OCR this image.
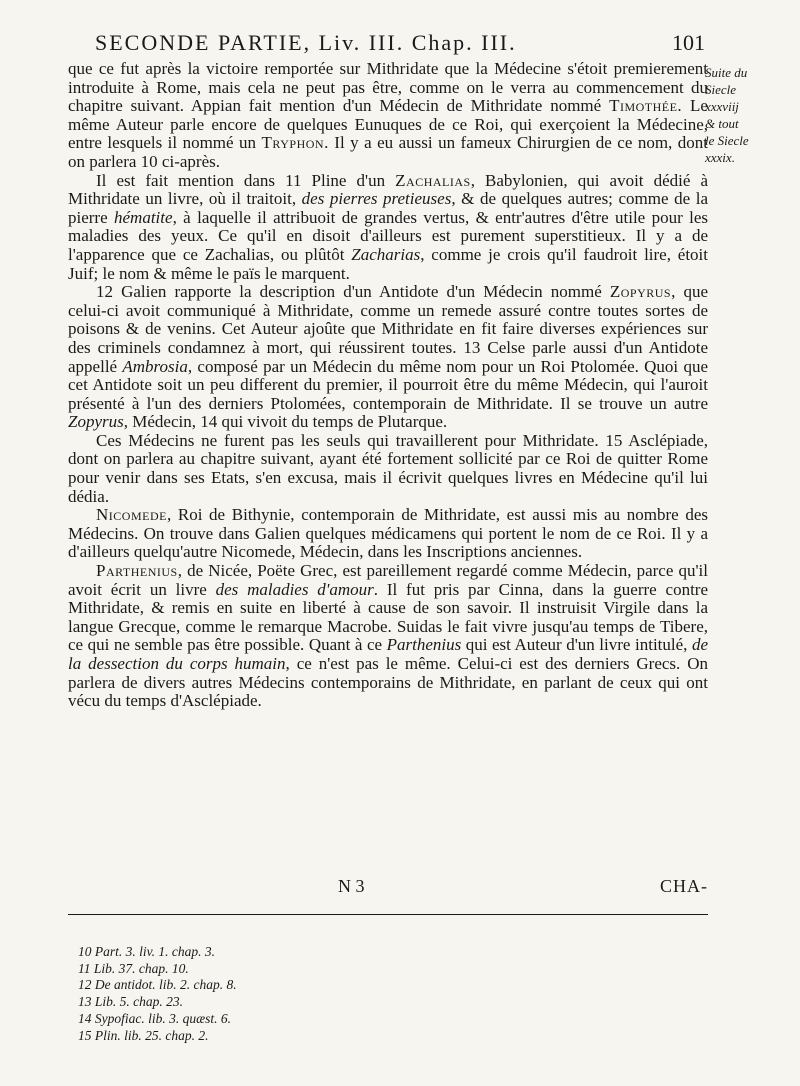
SECONDE PARTIE, Liv. III. Chap. III.	101
Suite du
Siecle
xxxviij
& tout
le Siecle
xxxix.

que ce fut après la victoire remportée sur Mithridate que la Médecine s'étoit premierement introduite à Rome, mais cela ne peut pas être, comme on le verra au commencement du chapitre suivant. Appian fait mention d'un Médecin de Mithridate nommé Timothée. Le même Auteur parle encore de quelques Eunuques de ce Roi, qui exerçoient la Médecine, entre lesquels il nommé un Tryphon. Il y a eu aussi un fameux Chirurgien de ce nom, dont on parlera 10 ci-après.

Il est fait mention dans 11 Pline d'un Zachalias, Babylonien, qui avoit dédié à Mithridate un livre, où il traitoit, des pierres pretieuses, & de quelques autres; comme de la pierre hématite, à laquelle il attribuoit de grandes vertus, & entr'autres d'être utile pour les maladies des yeux. Ce qu'il en disoit d'ailleurs est purement superstitieux. Il y a de l'apparence que ce Zachalias, ou plûtôt Zacharias, comme je crois qu'il faudroit lire, étoit Juif; le nom & même le païs le marquent.

12 Galien rapporte la description d'un Antidote d'un Médecin nommé Zopyrus, que celui-ci avoit communiqué à Mithridate, comme un remede assuré contre toutes sortes de poisons & de venins. Cet Auteur ajoûte que Mithridate en fit faire diverses expériences sur des criminels condamnez à mort, qui réussirent toutes. 13 Celse parle aussi d'un Antidote appellé Ambrosia, composé par un Médecin du même nom pour un Roi Ptolomée. Quoi que cet Antidote soit un peu different du premier, il pourroit être du même Médecin, qui l'auroit présenté à l'un des derniers Ptolomées, contemporain de Mithridate. Il se trouve un autre Zopyrus, Médecin, 14 qui vivoit du temps de Plutarque.

Ces Médecins ne furent pas les seuls qui travaillerent pour Mithridate. 15 Asclépiade, dont on parlera au chapitre suivant, ayant été fortement sollicité par ce Roi de quitter Rome pour venir dans ses Etats, s'en excusa, mais il écrivit quelques livres en Médecine qu'il lui dédia.

Nicomede, Roi de Bithynie, contemporain de Mithridate, est aussi mis au nombre des Médecins. On trouve dans Galien quelques médicamens qui portent le nom de ce Roi. Il y a d'ailleurs quelqu'autre Nicomede, Médecin, dans les Inscriptions anciennes.

Parthenius, de Nicée, Poëte Grec, est pareillement regardé comme Médecin, parce qu'il avoit écrit un livre des maladies d'amour. Il fut pris par Cinna, dans la guerre contre Mithridate, & remis en suite en liberté à cause de son savoir. Il instruisit Virgile dans la langue Grecque, comme le remarque Macrobe. Suidas le fait vivre jusqu'au temps de Tibere, ce qui ne semble pas être possible. Quant à ce Parthenius qui est Auteur d'un livre intitulé, de la dessection du corps humain, ce n'est pas le même. Celui-ci est des derniers Grecs. On parlera de divers autres Médecins contemporains de Mithridate, en parlant de ceux qui ont vécu du temps d'Asclépiade.

N 3	CHA-
10 Part. 3. liv. 1. chap. 3.
11 Lib. 37. chap. 10.
12 De antidot. lib. 2. chap. 8.
13 Lib. 5. chap. 23.
14 Sypofiac. lib. 3. quæst. 6.
15 Plin. lib. 25. chap. 2.
